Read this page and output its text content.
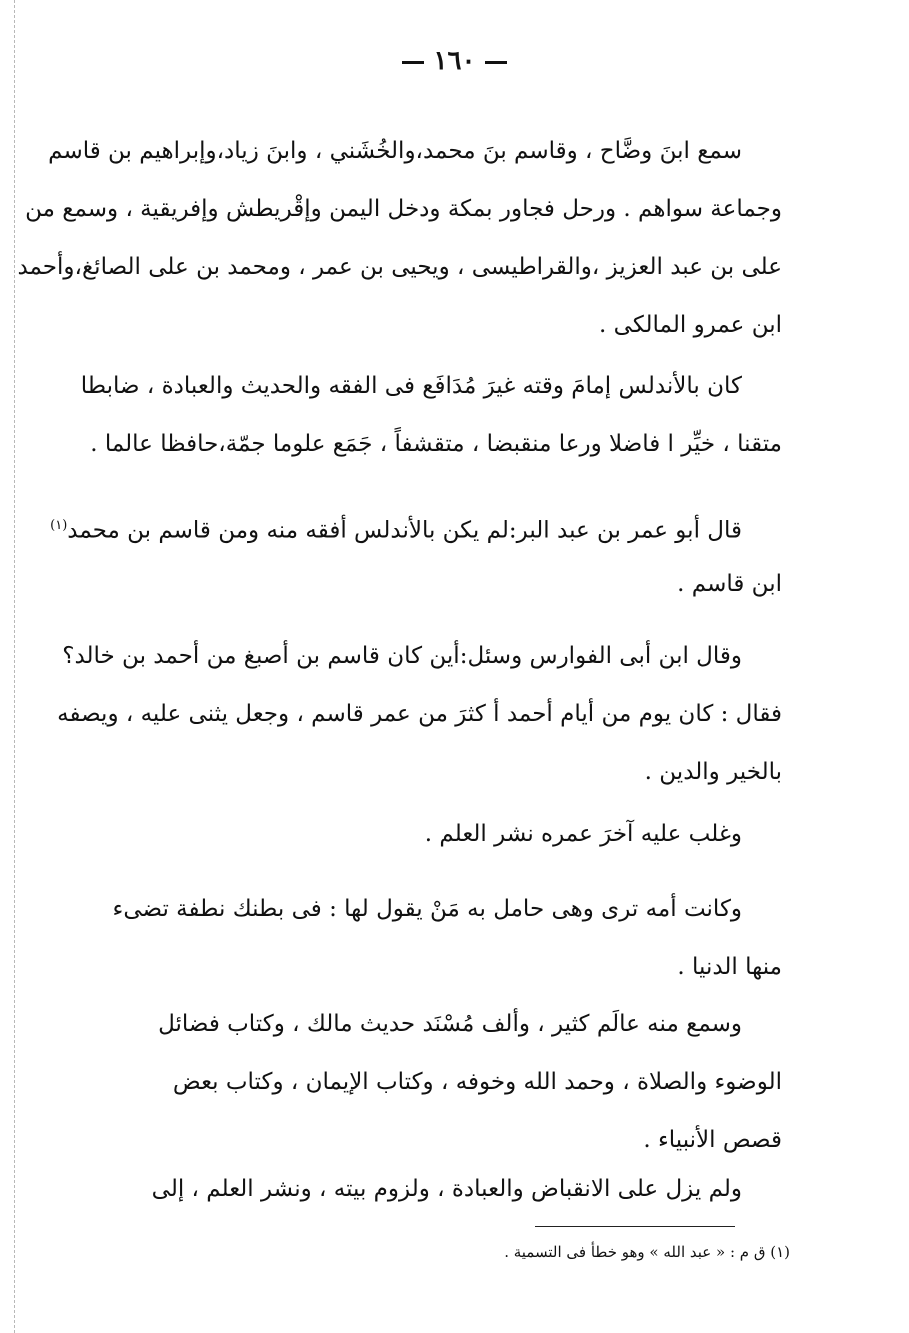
١٦٠
سمع ابنَ وضَّاح ، وقاسم بنَ محمد،والخُشَني ، وابنَ زياد،وإبراهيم بن قاسم
وجماعة سواهم . ورحل فجاور بمكة ودخل اليمن وإقْريطش وإفريقية ، وسمع من
على بن عبد العزيز ،والقراطيسى ، ويحيى بن عمر ، ومحمد بن على الصائغ،وأحمد
ابن عمرو المالكى .
كان بالأندلس إمامَ وقته غيرَ مُدَافَع فى الفقه والحديث والعبادة ، ضابطا
متقنا ، خيِّر ا فاضلا ورعا منقبضا ، متقشفاً ، جَمَع علوما جمّة،حافظا عالما .
قال أبو عمر بن عبد البر:لم يكن بالأندلس أفقه منه ومن قاسم بن محمد$^{(١)}$
ابن قاسم .
وقال ابن أبى الفوارس وسئل:أين كان قاسم بن أصبغ من أحمد بن خالد؟
فقال : كان يوم من أيام أحمد أ كثرَ من عمر قاسم ، وجعل يثنى عليه ، ويصفه
بالخير والدين .
وغلب عليه آخرَ عمره نشر العلم .
وكانت أمه ترى وهى حامل به مَنْ يقول لها : فى بطنك نطفة تضىء
منها الدنيا .
وسمع منه عالَم كثير ، وألف مُسْنَد حديث مالك ، وكتاب فضائل
الوضوء والصلاة ، وحمد الله وخوفه ، وكتاب الإيمان ، وكتاب بعض
قصص الأنبياء .
ولم يزل على الانقباض والعبادة ، ولزوم بيته ، ونشر العلم ، إلى
(١) ق م : « عبد الله » وهو خطأ فى التسمية .
